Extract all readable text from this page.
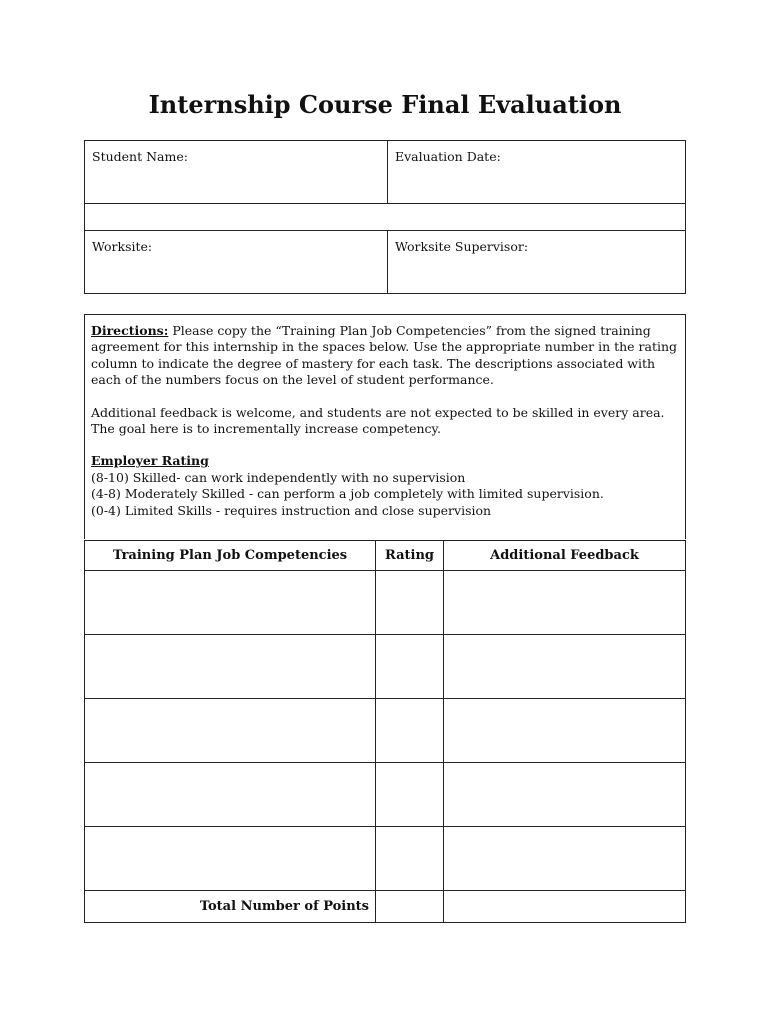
Internship Course Final Evaluation
Student Name:	Evaluation Date:

Worksite:	Worksite Supervisor:

Directions: Please copy the “Training Plan Job Competencies” from the signed training agreement for this internship in the spaces below. Use the appropriate number in the rating column to indicate the degree of mastery for each task. The descriptions associated with each of the numbers focus on the level of student performance.

Additional feedback is welcome, and students are not expected to be skilled in every area. The goal here is to incrementally increase competency.

Employer Rating

(8-10) Skilled- can work independently with no supervision

(4-8) Moderately Skilled - can perform a job completely with limited supervision.

(0-4) Limited Skills - requires instruction and close supervision

Training Plan Job Competencies	Rating	Additional Feedback

Total Number of Points		
